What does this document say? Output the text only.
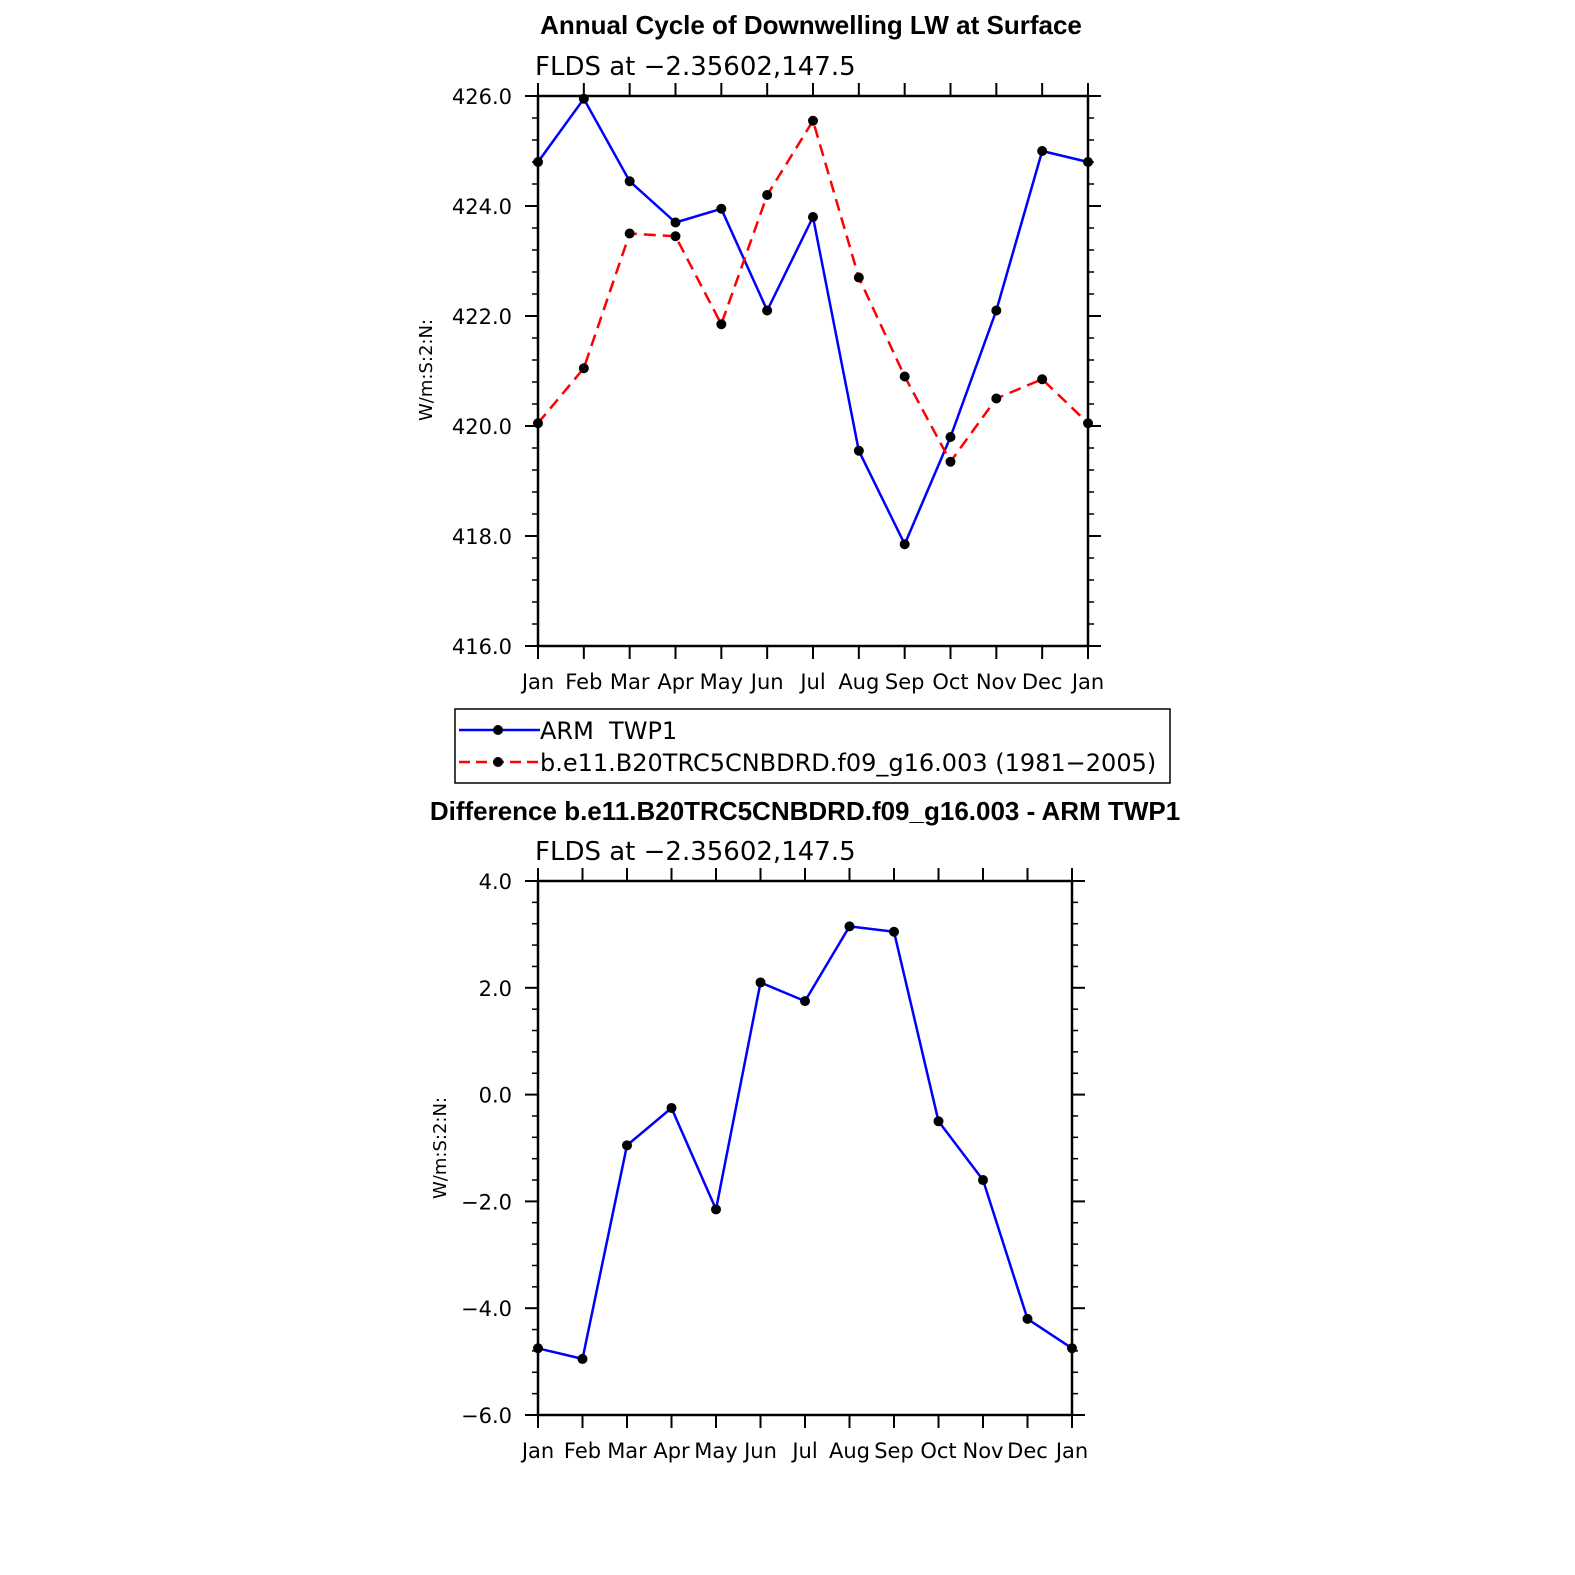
Annual Cycle of Downwelling LW at Surface
FLDS at −2.35602,147.5
W/m:S:2:N:
416.0
418.0
420.0
422.0
424.0
426.0
Jan Feb Mar Apr May Jun Jul Aug Sep Oct Nov Dec Jan
ARM  TWP1
b.e11.B20TRC5CNBDRD.f09_g16.003 (1981−2005)
Difference b.e11.B20TRC5CNBDRD.f09_g16.003 - ARM TWP1
FLDS at −2.35602,147.5
W/m:S:2:N:
−6.0
−4.0
−2.0
0.0
2.0
4.0
Jan Feb Mar Apr May Jun Jul Aug Sep Oct Nov Dec Jan
